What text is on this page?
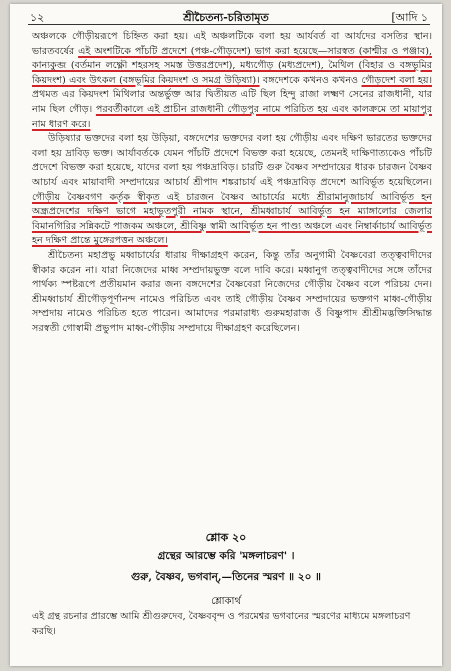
১২	শ্রীচৈতন্য-চরিতামৃত	[আদি ১

অঞ্চলকে গৌড়ীয়রূপে চিহ্নিত করা হয়। এই অঞ্চলটিকে বলা হয় আর্যবর্ত বা আর্যদের বসতির স্থান। ভারতবর্ষের এই অংশটিকে পাঁচটি প্রদেশে (পঞ্চ-গৌড়দেশ) ভাগ করা হয়েছে—সারস্বত (কাশ্মীর ও পঞ্জাব), কান্যকুব্জ (বর্তমান লক্ষ্ণৌ শহরসহ সমস্ত উত্তরপ্রদেশ), মধ্যগৌড় (মধ্যপ্রদেশ), মৈথিল (বিহার ও বঙ্গভূমির কিয়দংশ) এবং উৎকল (বঙ্গভূমির কিয়দংশ ও সমগ্র উড়িষ্যা)। বঙ্গদেশকে কখনও কখনও গৌড়দেশ বলা হয়। প্রথমত এর কিয়দংশ মিথিলার অন্তর্ভুক্ত আর দ্বিতীয়ত এটি ছিল হিন্দু রাজা লক্ষ্মণ সেনের রাজধানী, যার নাম ছিল গৌড়। পরবর্তীকালে এই প্রাচীন রাজধানী গৌড়পুর নামে পরিচিত হয় এবং কালক্রমে তা মায়াপুর নাম ধারণ করে।

উড়িষ্যার ভক্তদের বলা হয় উড়িয়া, বঙ্গদেশের ভক্তদের বলা হয় গৌড়ীয় এবং দক্ষিণ ভারতের ভক্তদের বলা হয় দ্রাবিড় ভক্ত। আর্যাবর্তকে যেমন পাঁচটি প্রদেশে বিভক্ত করা হয়েছে, তেমনই দাক্ষিণাত্যকেও পাঁচটি প্রদেশে বিভক্ত করা হয়েছে, যাদের বলা হয় পঞ্চদ্রাবিড়। চারটি গুরু বৈষ্ণব সম্প্রদায়ের ধারক চারজন বৈষ্ণব আচার্য এবং মায়াবাদী সম্প্রদায়ের আচার্য শ্রীপাদ শঙ্করাচার্য এই পঞ্চদ্রাবিড় প্রদেশে আবির্ভূত হয়েছিলেন। গৌড়ীয় বৈষ্ণবগণ কর্তৃক স্বীকৃত এই চারজন বৈষ্ণব আচার্যের মধ্যে শ্রীরামানুজাচার্য আবির্ভূত হন অন্ধ্রপ্রদেশের দক্ষিণ ভাগে মহাভূতপুরী নামক স্থানে, শ্রীমধ্বাচার্য আবির্ভূত হন ম্যাঙ্গালোর জেলার বিমানগিরির সন্নিকটে পাজকম অঞ্চলে, শ্রীবিষ্ণু স্বামী আবির্ভূত হন পাণ্ড্য অঞ্চলে এবং নিম্বার্কাচার্য আবির্ভূত হন দক্ষিণ প্রান্তে মুঙ্গেরপত্তন অঞ্চলে।

শ্রীচৈতন্য মহাপ্রভু মধ্বাচার্যের ধারায় দীক্ষাগ্রহণ করেন, কিন্তু তাঁর অনুগামী বৈষ্ণবেরা তত্ত্ববাদীদের স্বীকার করেন না। যারা নিজেদের মাধ্ব সম্প্রদায়ভুক্ত বলে দাবি করে। মধ্বানুগ তত্ত্ববাদীদের সঙ্গে তাঁদের পার্থক্য স্পষ্টরূপে প্রতীয়মান করার জন্য বঙ্গদেশের বৈষ্ণবেরা নিজেদের গৌড়ীয় বৈষ্ণব বলে পরিচয় দেন। শ্রীমধ্বাচার্য শ্রীগৌড়পূর্ণানন্দ নামেও পরিচিত এবং তাই গৌড়ীয় বৈষ্ণব সম্প্রদায়ের ভক্তগণ মাধ্ব-গৌড়ীয় সম্প্রদায় নামেও পরিচিত হতে পারেন। আমাদের পরমারাধ্য গুরুমহারাজ ওঁ বিষ্ণুপাদ শ্রীশ্রীমদ্ভক্তিসিদ্ধান্ত সরস্বতী গোস্বামী প্রভুপাদ মাধ্ব-গৌড়ীয় সম্প্রদায়ে দীক্ষাগ্রহণ করেছিলেন।

শ্লোক ২০
গ্রন্থের আরম্ভে করি 'মঙ্গলাচরণ' ।
গুরু, বৈষ্ণব, ভগবান্,—তিনের স্মরণ ॥ ২০ ॥
শ্লোকার্থ
এই গ্রন্থ রচনার প্রারম্ভে আমি শ্রীগুরুদেব, বৈষ্ণববৃন্দ ও পরমেশ্বর ভগবানের স্মরণের মাধ্যমে মঙ্গলাচরণ করছি।
